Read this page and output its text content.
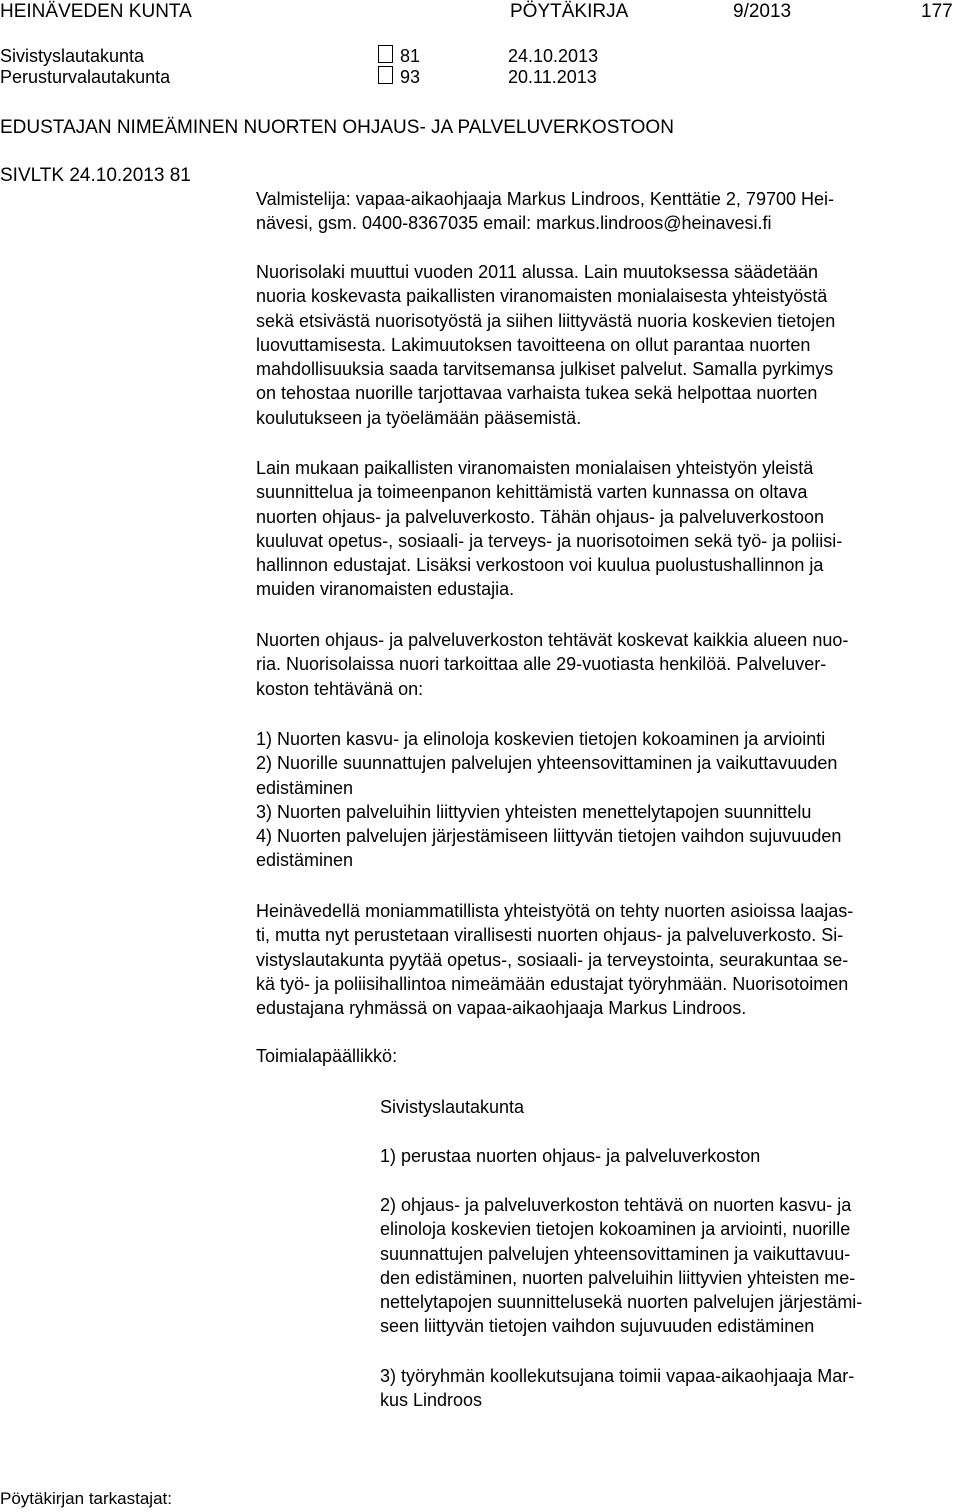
HEINÄVEDEN KUNTA	PÖYTÄKIRJA	9/2013	177
Sivistyslautakunta	81	24.10.2013
Perusturvalautakunta	93	20.11.2013
EDUSTAJAN NIMEÄMINEN NUORTEN OHJAUS- JA PALVELUVERKOSTOON
SIVLTK 24.10.2013 81
Valmistelija: vapaa-aikaohjaaja Markus Lindroos, Kenttätie 2, 79700 Hei-
nävesi, gsm. 0400-8367035 email: markus.lindroos@heinavesi.fi
Nuorisolaki muuttui vuoden 2011 alussa. Lain muutoksessa säädetään
nuoria koskevasta paikallisten viranomaisten monialaisesta yhteistyöstä
sekä etsivästä nuorisotyöstä ja siihen liittyvästä nuoria koskevien tietojen
luovuttamisesta. Lakimuutoksen tavoitteena on ollut parantaa nuorten
mahdollisuuksia saada tarvitsemansa julkiset palvelut. Samalla pyrkimys
on tehostaa nuorille tarjottavaa varhaista tukea sekä helpottaa nuorten
koulutukseen ja työelämään pääsemistä.
Lain mukaan paikallisten viranomaisten monialaisen yhteistyön yleistä
suunnittelua ja toimeenpanon kehittämistä varten kunnassa on oltava
nuorten ohjaus- ja palveluverkosto. Tähän ohjaus- ja palveluverkostoon
kuuluvat opetus-, sosiaali- ja terveys- ja nuorisotoimen sekä työ- ja poliisi-
hallinnon edustajat. Lisäksi verkostoon voi kuulua puolustushallinnon ja
muiden viranomaisten edustajia.
Nuorten ohjaus- ja palveluverkoston tehtävät koskevat kaikkia alueen nuo-
ria. Nuorisolaissa nuori tarkoittaa alle 29-vuotiasta henkilöä. Palveluver-
koston tehtävänä on:
1) Nuorten kasvu- ja elinoloja koskevien tietojen kokoaminen ja arviointi
2) Nuorille suunnattujen palvelujen yhteensovittaminen ja vaikuttavuuden
edistäminen
3) Nuorten palveluihin liittyvien yhteisten menettelytapojen suunnittelu
4) Nuorten palvelujen järjestämiseen liittyvän tietojen vaihdon sujuvuuden
edistäminen
Heinävedellä moniammatillista yhteistyötä on tehty nuorten asioissa laajas-
ti, mutta nyt perustetaan virallisesti nuorten ohjaus- ja palveluverkosto. Si-
vistyslautakunta pyytää opetus-, sosiaali- ja terveystointa, seurakuntaa se-
kä työ- ja poliisihallintoa nimeämään edustajat työryhmään. Nuorisotoimen
edustajana ryhmässä on vapaa-aikaohjaaja Markus Lindroos.
Toimialapäällikkö:
Sivistyslautakunta
1) perustaa nuorten ohjaus- ja palveluverkoston
2) ohjaus- ja palveluverkoston tehtävä on nuorten kasvu- ja
elinoloja koskevien tietojen kokoaminen ja arviointi, nuorille
suunnattujen palvelujen yhteensovittaminen ja vaikuttavuu-
den edistäminen, nuorten palveluihin liittyvien yhteisten me-
nettelytapojen suunnittelusekä nuorten palvelujen järjestämi-
seen liittyvän tietojen vaihdon sujuvuuden edistäminen
3) työryhmän koollekutsujana toimii vapaa-aikaohjaaja Mar-
kus Lindroos
Pöytäkirjan tarkastajat:
